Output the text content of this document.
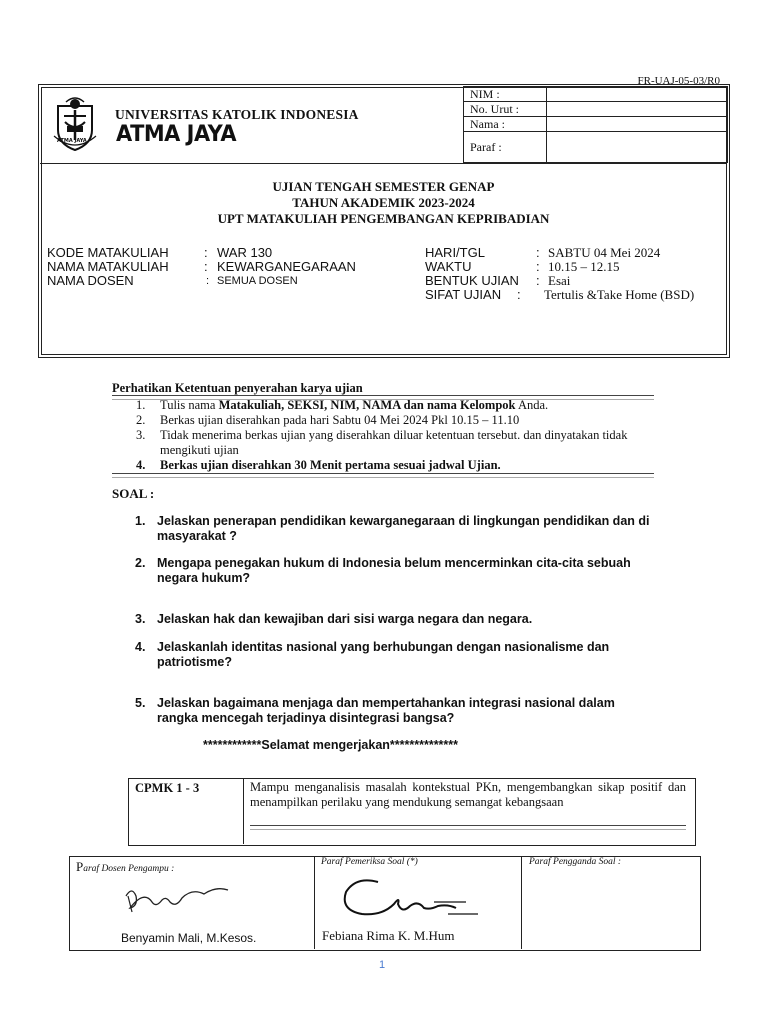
FR-UAJ-05-03/R0
ATMA JAYA
UNIVERSITAS KATOLIK INDONESIA
ATMA JAYA
NIM :	
No. Urut :	
Nama :	
Paraf :	
UJIAN TENGAH SEMESTER GENAP
TAHUN AKADEMIK 2023-2024
UPT MATAKULIAH PENGEMBANGAN KEPRIBADIAN
KODE MATAKULIAH	: WAR 130
NAMA MATAKULIAH	: KEWARGANEGARAAN
NAMA DOSEN	: SEMUA DOSEN
HARI/TGL	: SABTU 04 Mei 2024
WAKTU	: 10.15 – 12.15
BENTUK UJIAN : Esai
SIFAT UJIAN : Tertulis &Take Home (BSD)
Perhatikan Ketentuan penyerahan karya ujian
1. Tulis nama Matakuliah, SEKSI, NIM, NAMA dan nama Kelompok Anda.
2. Berkas ujian diserahkan pada hari Sabtu 04 Mei 2024 Pkl 10.15 – 11.10
3. Tidak menerima berkas ujian yang diserahkan diluar ketentuan tersebut. dan dinyatakan tidak mengikuti ujian
4. Berkas ujian diserahkan 30 Menit pertama sesuai jadwal Ujian.
SOAL :
1. Jelaskan penerapan pendidikan kewarganegaraan di lingkungan pendidikan dan di masyarakat ?
2. Mengapa penegakan hukum di Indonesia belum mencerminkan cita-cita sebuah negara hukum?
3. Jelaskan hak dan kewajiban dari sisi warga negara dan negara.
4. Jelaskanlah identitas nasional yang berhubungan dengan nasionalisme dan patriotisme?
5. Jelaskan bagaimana menjaga dan mempertahankan integrasi nasional dalam rangka mencegah terjadinya disintegrasi bangsa?
************Selamat mengerjakan**************
CPMK 1 - 3	Mampu menganalisis masalah kontekstual PKn, mengembangkan sikap positif dan menampilkan perilaku yang mendukung semangat kebangsaan
Paraf Dosen Pengampu :
Benyamin Mali, M.Kesos.
Paraf Pemeriksa Soal (*)
Febiana Rima K. M.Hum
Paraf Pengganda Soal :
1
